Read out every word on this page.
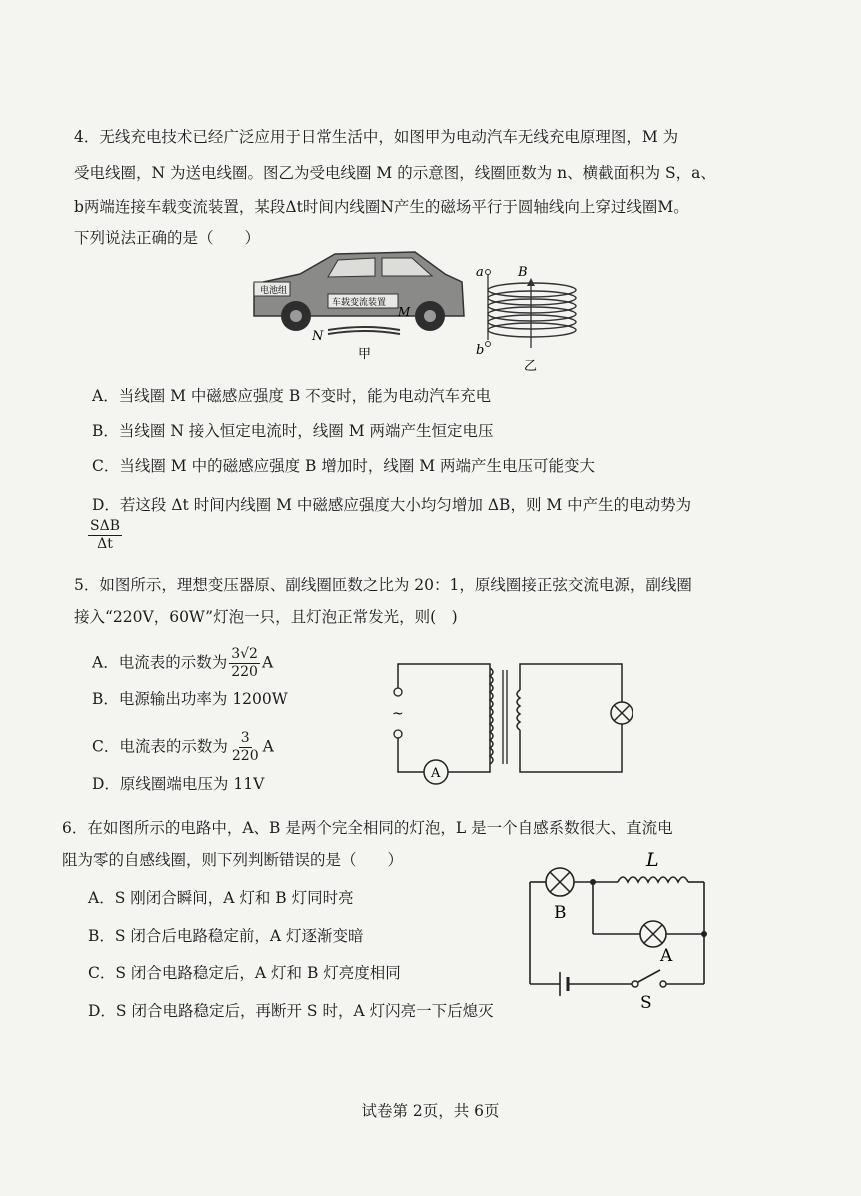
4．无线充电技术已经广泛应用于日常生活中，如图甲为电动汽车无线充电原理图，M 为
受电线圈，N 为送电线圈。图乙为受电线圈 M 的示意图，线圈匝数为 n、横截面积为 S，a、
b两端连接车载变流装置，某段Δt时间内线圈N产生的磁场平行于圆轴线向上穿过线圈M。
下列说法正确的是（　　）
电池组
车载变流装置
M
N
甲
a
b
B
乙
A．当线圈 M 中磁感应强度 B 不变时，能为电动汽车充电
B．当线圈 N 接入恒定电流时，线圈 M 两端产生恒定电压
C．当线圈 M 中的磁感应强度 B 增加时，线圈 M 两端产生电压可能变大
D．若这段 Δt 时间内线圈 M 中磁感应强度大小均匀增加 ΔB，则 M 中产生的电动势为
$\frac{\text{SΔB}}{\Delta t}$
5．如图所示，理想变压器原、副线圈匝数之比为 20：1，原线圈接正弦交流电源，副线圈
接入“220V，60W”灯泡一只，且灯泡正常发光，则(　)
A．电流表的示数为 $\frac{3√2}{220}$ A
B．电源输出功率为 1200W
C．电流表的示数为 $\frac{3}{220}$ A
D．原线圈端电压为 11V
~
A
6．在如图所示的电路中，A、B 是两个完全相同的灯泡，L 是一个自感系数很大、直流电
阻为零的自感线圈，则下列判断错误的是（　　）
A．S 刚闭合瞬间，A 灯和 B 灯同时亮
B．S 闭合后电路稳定前，A 灯逐渐变暗
C．S 闭合电路稳定后，A 灯和 B 灯亮度相同
D．S 闭合电路稳定后，再断开 S 时，A 灯闪亮一下后熄灭
B
L
A
S
试卷第 2页，共 6页
